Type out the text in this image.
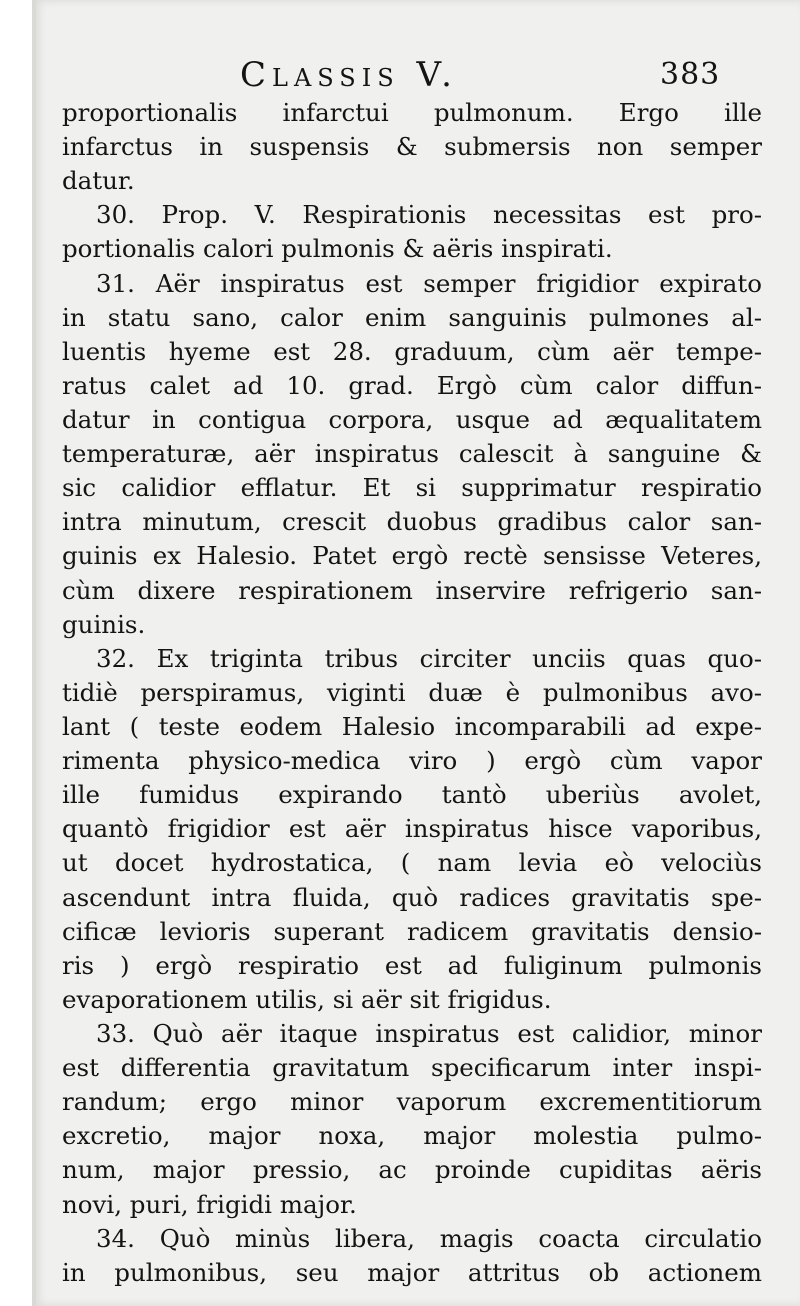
Classis V.	383
proportionalis infarctui pulmonum. Ergo ille
infarctus in suspensis & submersis non semper
datur.
30. Prop. V. Respirationis necessitas est pro-
portionalis calori pulmonis & aëris inspirati.
31. Aër inspiratus est semper frigidior expirato
in statu sano, calor enim sanguinis pulmones al-
luentis hyeme est 28. graduum, cùm aër tempe-
ratus calet ad 10. grad. Ergò cùm calor diffun-
datur in contigua corpora, usque ad æqualitatem
temperaturæ, aër inspiratus calescit à sanguine &
sic calidior efflatur. Et si supprimatur respiratio
intra minutum, crescit duobus gradibus calor san-
guinis ex Halesio. Patet ergò rectè sensisse Veteres,
cùm dixere respirationem inservire refrigerio san-
guinis.
32. Ex triginta tribus circiter unciis quas quo-
tidiè perspiramus, viginti duæ è pulmonibus avo-
lant ( teste eodem Halesio incomparabili ad expe-
rimenta physico-medica viro ) ergò cùm vapor
ille fumidus expirando tantò uberiùs avolet,
quantò frigidior est aër inspiratus hisce vaporibus,
ut docet hydrostatica, ( nam levia eò velociùs
ascendunt intra fluida, quò radices gravitatis spe-
cificæ levioris superant radicem gravitatis densio-
ris ) ergò respiratio est ad fuliginum pulmonis
evaporationem utilis, si aër sit frigidus.
33. Quò aër itaque inspiratus est calidior, minor
est differentia gravitatum specificarum inter inspi-
randum; ergo minor vaporum excrementitiorum
excretio, major noxa, major molestia pulmo-
num, major pressio, ac proinde cupiditas aëris
novi, puri, frigidi major.
34. Quò minùs libera, magis coacta circulatio
in pulmonibus, seu major attritus ob actionem
